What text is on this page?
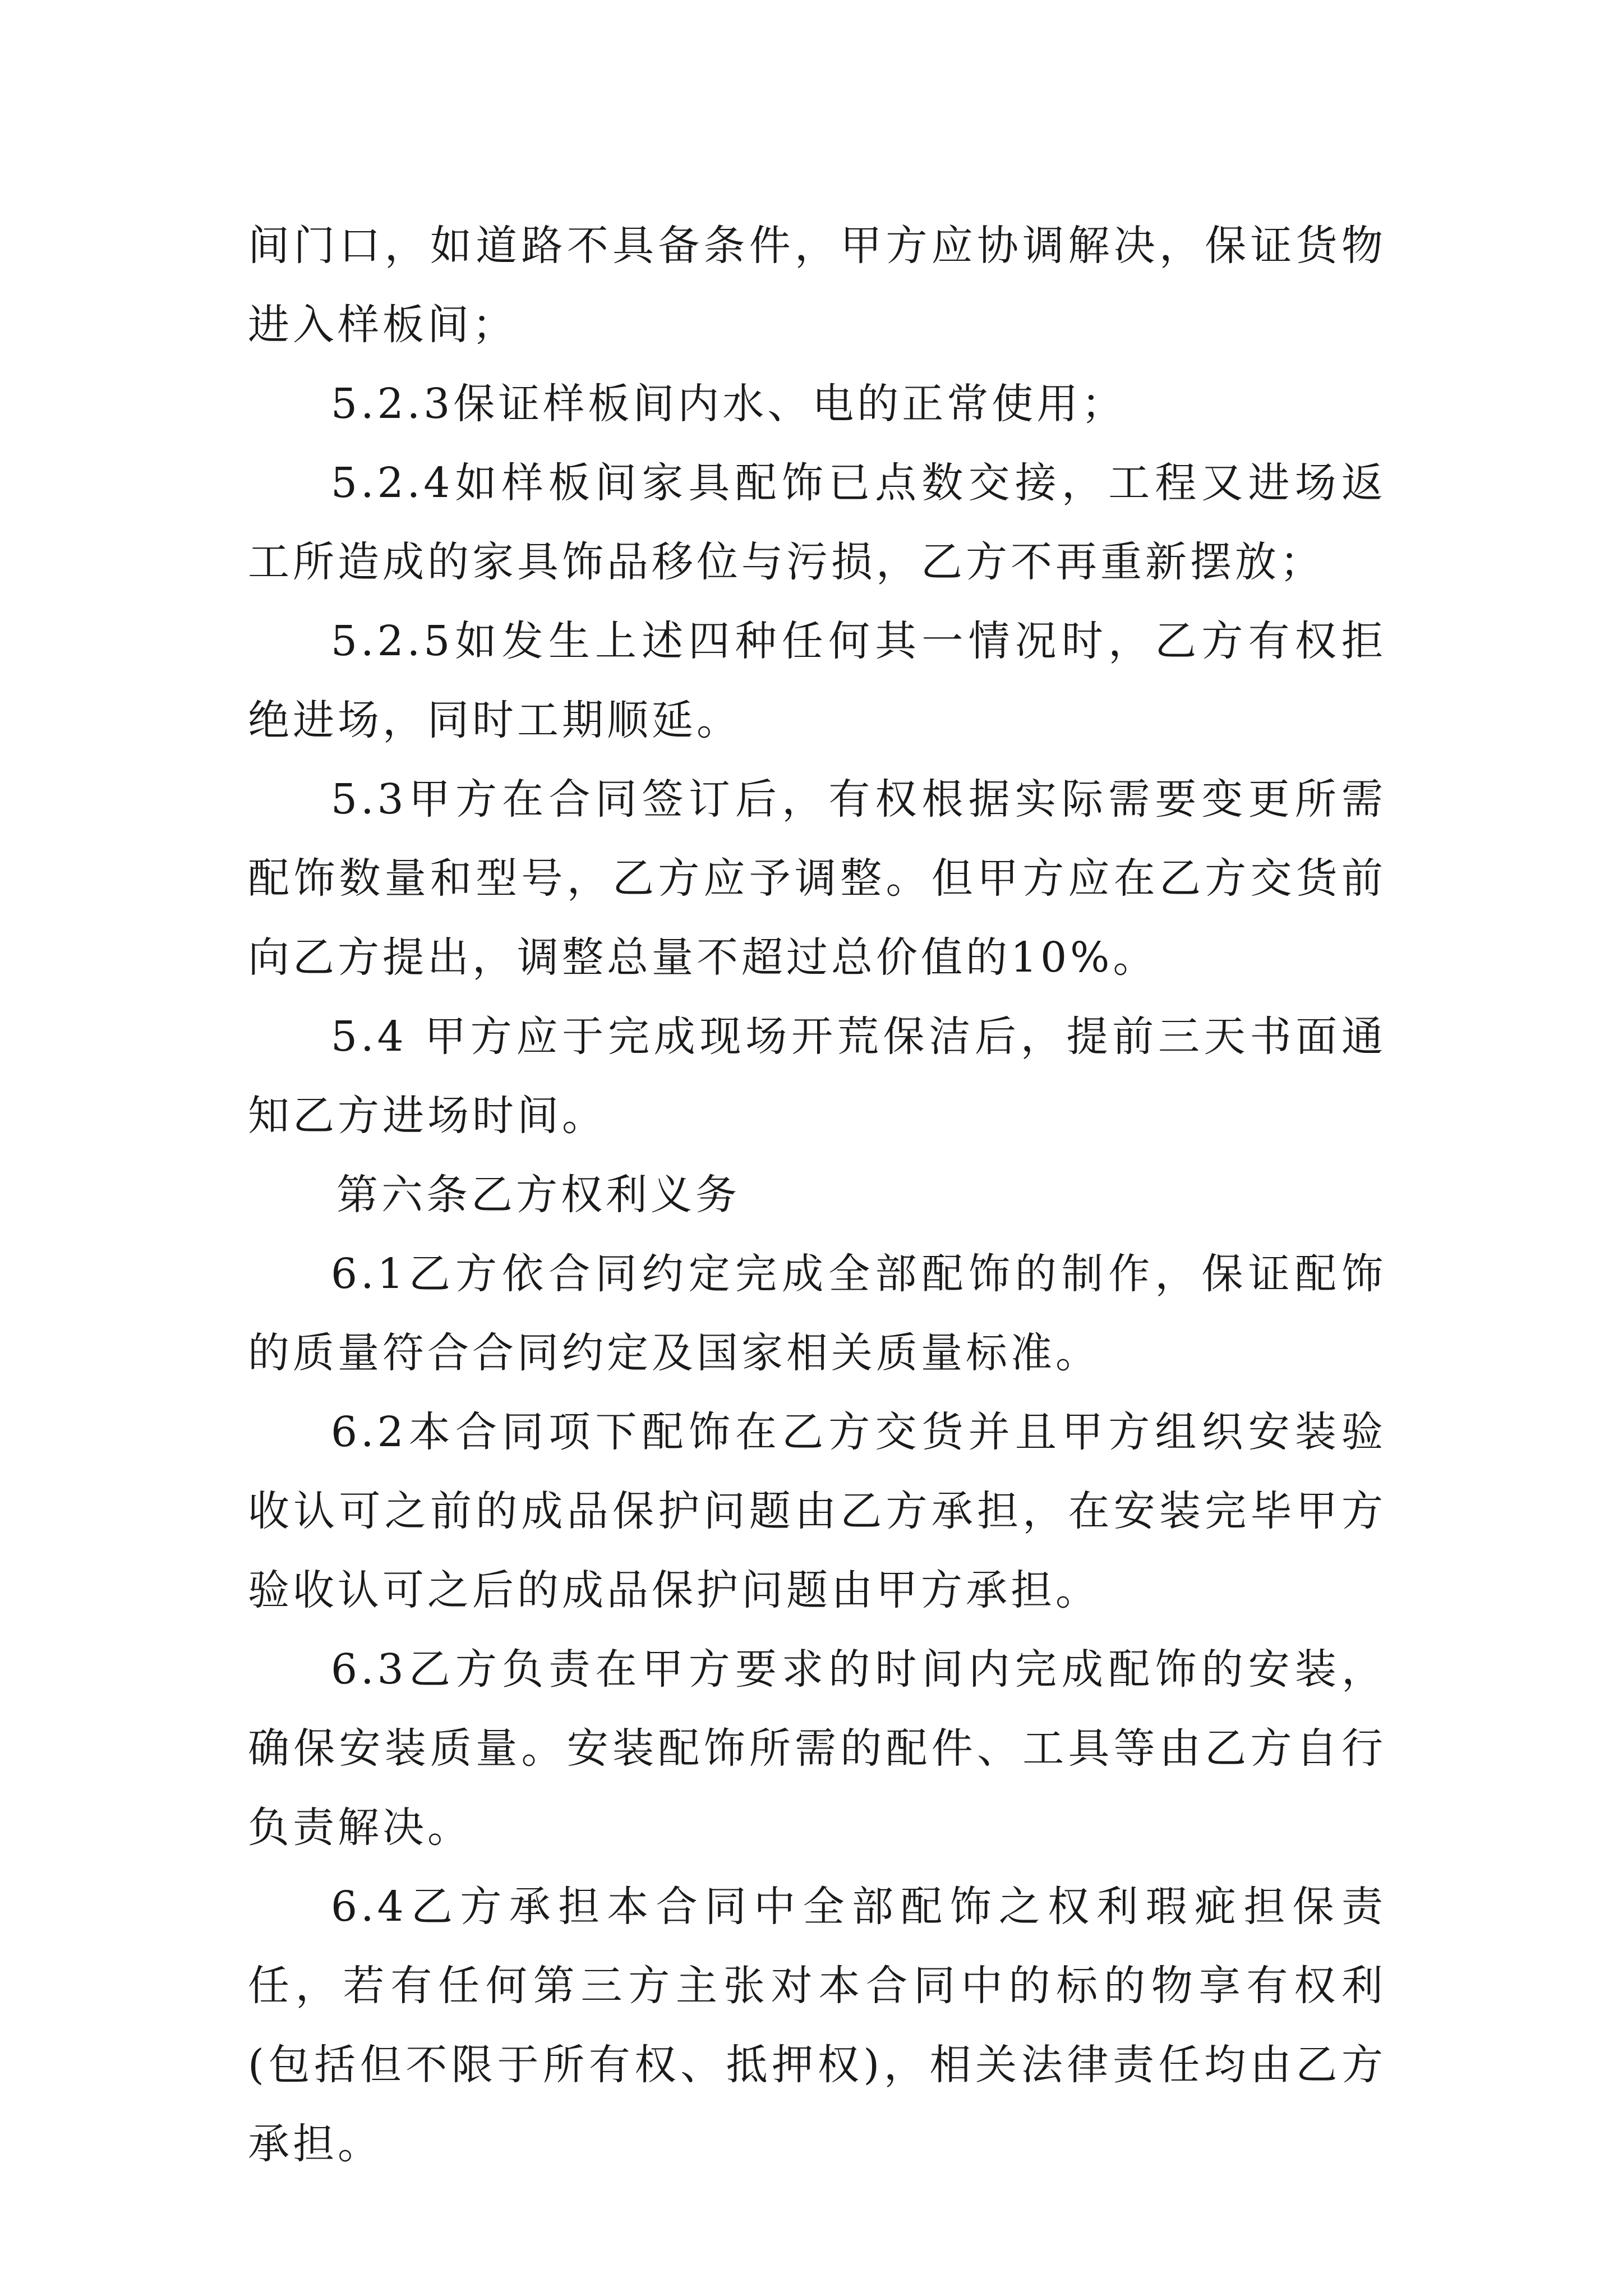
间门口，如道路不具备条件，甲方应协调解决，保证货物进入样板间；

5.2.3保证样板间内水、电的正常使用；

5.2.4如样板间家具配饰已点数交接，工程又进场返工所造成的家具饰品移位与污损，乙方不再重新摆放；

5.2.5如发生上述四种任何其一情况时，乙方有权拒绝进场，同时工期顺延。

5.3甲方在合同签订后，有权根据实际需要变更所需配饰数量和型号，乙方应予调整。但甲方应在乙方交货前向乙方提出，调整总量不超过总价值的10%。

5.4 甲方应于完成现场开荒保洁后，提前三天书面通知乙方进场时间。

第六条乙方权利义务

6.1乙方依合同约定完成全部配饰的制作，保证配饰的质量符合合同约定及国家相关质量标准。

6.2本合同项下配饰在乙方交货并且甲方组织安装验收认可之前的成品保护问题由乙方承担，在安装完毕甲方验收认可之后的成品保护问题由甲方承担。

6.3乙方负责在甲方要求的时间内完成配饰的安装，确保安装质量。安装配饰所需的配件、工具等由乙方自行负责解决。

6.4乙方承担本合同中全部配饰之权利瑕疵担保责任，若有任何第三方主张对本合同中的标的物享有权利(包括但不限于所有权、抵押权)，相关法律责任均由乙方承担。
